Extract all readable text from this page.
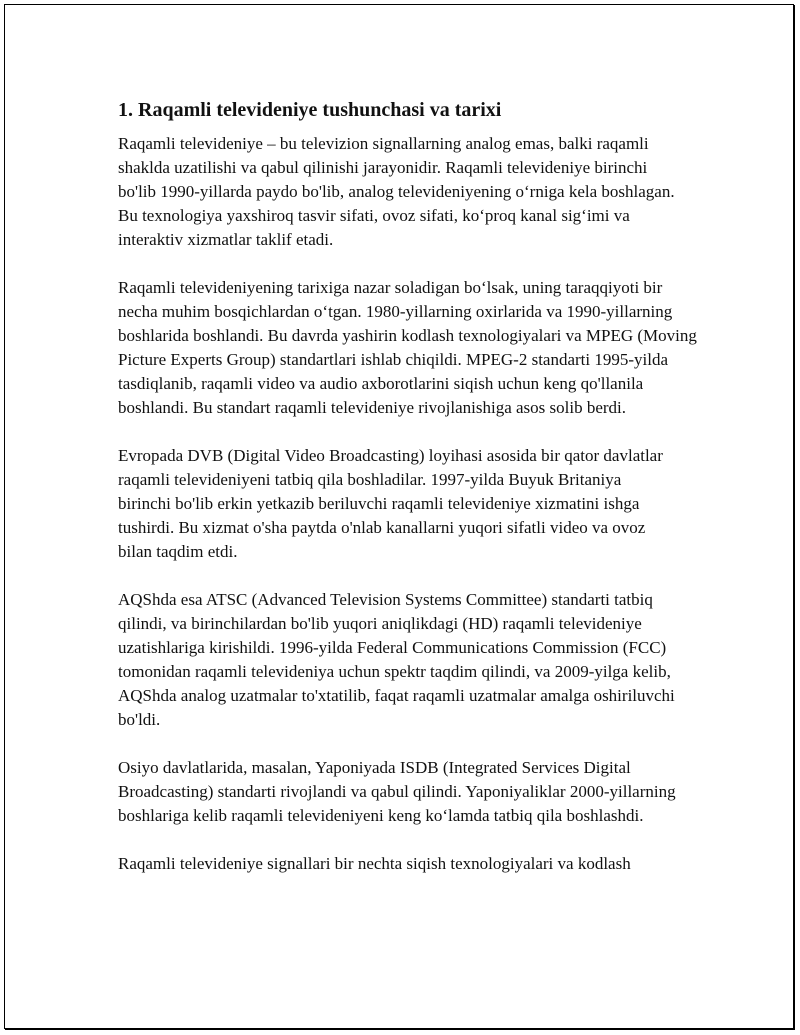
1. Raqamli televideniye tushunchasi va tarixi

Raqamli televideniye – bu televizion signallarning analog emas, balki raqamli shaklda uzatilishi va qabul qilinishi jarayonidir. Raqamli televideniye birinchi bo'lib 1990-yillarda paydo bo'lib, analog televideniyening o‘rniga kela boshlagan. Bu texnologiya yaxshiroq tasvir sifati, ovoz sifati, ko‘proq kanal sig‘imi va interaktiv xizmatlar taklif etadi.

Raqamli televideniyening tarixiga nazar soladigan bo‘lsak, uning taraqqiyoti bir necha muhim bosqichlardan o‘tgan. 1980-yillarning oxirlarida va 1990-yillarning boshlarida boshlandi. Bu davrda yashirin kodlash texnologiyalari va MPEG (Moving Picture Experts Group) standartlari ishlab chiqildi. MPEG-2 standarti 1995-yilda tasdiqlanib, raqamli video va audio axborotlarini siqish uchun keng qo'llanila boshlandi. Bu standart raqamli televideniye rivojlanishiga asos solib berdi.

Evropada DVB (Digital Video Broadcasting) loyihasi asosida bir qator davlatlar raqamli televideniyeni tatbiq qila boshladilar. 1997-yilda Buyuk Britaniya birinchi bo'lib erkin yetkazib beriluvchi raqamli televideniye xizmatini ishga tushirdi. Bu xizmat o'sha paytda o'nlab kanallarni yuqori sifatli video va ovoz bilan taqdim etdi.

AQShda esa ATSC (Advanced Television Systems Committee) standarti tatbiq qilindi, va birinchilardan bo'lib yuqori aniqlikdagi (HD) raqamli televideniye uzatishlariga kirishildi. 1996-yilda Federal Communications Commission (FCC) tomonidan raqamli televideniya uchun spektr taqdim qilindi, va 2009-yilga kelib, AQShda analog uzatmalar to'xtatilib, faqat raqamli uzatmalar amalga oshiriluvchi bo'ldi.

Osiyo davlatlarida, masalan, Yaponiyada ISDB (Integrated Services Digital Broadcasting) standarti rivojlandi va qabul qilindi. Yaponiyaliklar 2000-yillarning boshlariga kelib raqamli televideniyeni keng ko‘lamda tatbiq qila boshlashdi.

Raqamli televideniye signallari bir nechta siqish texnologiyalari va kodlash
